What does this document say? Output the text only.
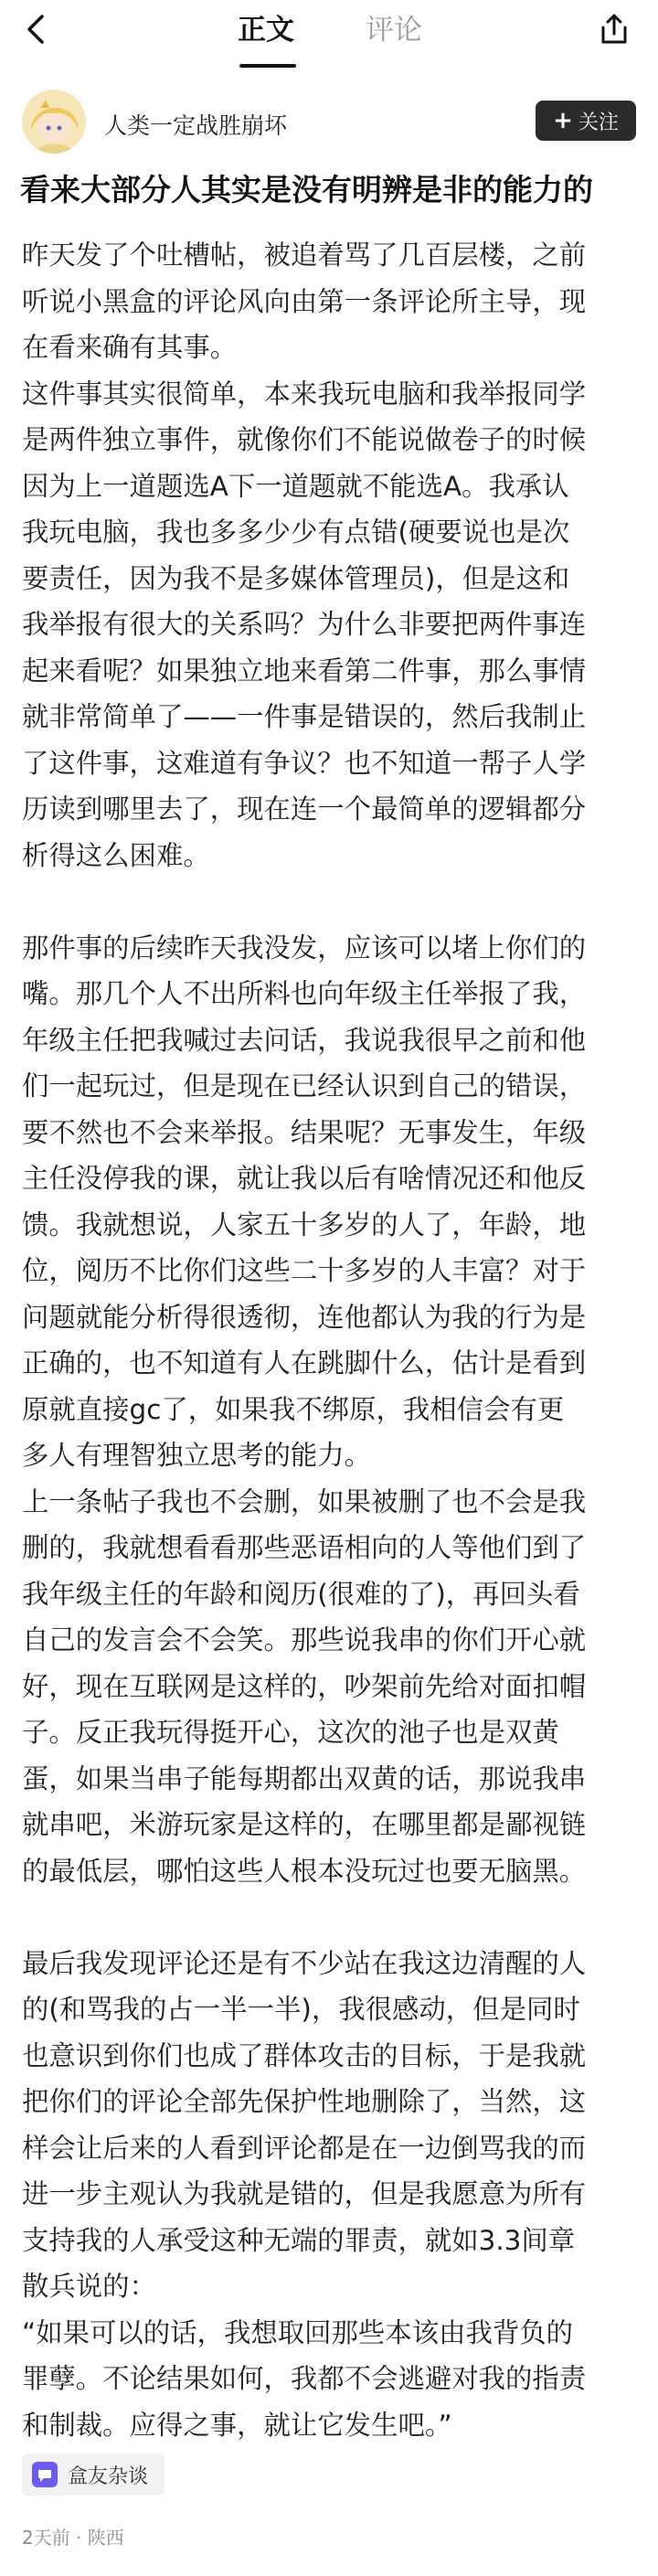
正文	评论
人类一定战胜崩坏	+ 关注
看来大部分人其实是没有明辨是非的能力的

昨天发了个吐槽帖，被追着骂了几百层楼，之前

听说小黑盒的评论风向由第一条评论所主导，现

在看来确有其事。

这件事其实很简单，本来我玩电脑和我举报同学

是两件独立事件，就像你们不能说做卷子的时候

因为上一道题选A下一道题就不能选A。我承认

我玩电脑，我也多多少少有点错(硬要说也是次

要责任，因为我不是多媒体管理员)，但是这和

我举报有很大的关系吗？为什么非要把两件事连

起来看呢？如果独立地来看第二件事，那么事情

就非常简单了——一件事是错误的，然后我制止

了这件事，这难道有争议？也不知道一帮子人学

历读到哪里去了，现在连一个最简单的逻辑都分

析得这么困难。

那件事的后续昨天我没发，应该可以堵上你们的

嘴。那几个人不出所料也向年级主任举报了我，

年级主任把我喊过去问话，我说我很早之前和他

们一起玩过，但是现在已经认识到自己的错误，

要不然也不会来举报。结果呢？无事发生，年级

主任没停我的课，就让我以后有啥情况还和他反

馈。我就想说，人家五十多岁的人了，年龄，地

位，阅历不比你们这些二十多岁的人丰富？对于

问题就能分析得很透彻，连他都认为我的行为是

正确的，也不知道有人在跳脚什么，估计是看到

原就直接gc了，如果我不绑原，我相信会有更

多人有理智独立思考的能力。

上一条帖子我也不会删，如果被删了也不会是我

删的，我就想看看那些恶语相向的人等他们到了

我年级主任的年龄和阅历(很难的了)，再回头看

自己的发言会不会笑。那些说我串的你们开心就

好，现在互联网是这样的，吵架前先给对面扣帽

子。反正我玩得挺开心，这次的池子也是双黄

蛋，如果当串子能每期都出双黄的话，那说我串

就串吧，米游玩家是这样的，在哪里都是鄙视链

的最低层，哪怕这些人根本没玩过也要无脑黑。

最后我发现评论还是有不少站在我这边清醒的人

的(和骂我的占一半一半)，我很感动，但是同时

也意识到你们也成了群体攻击的目标，于是我就

把你们的评论全部先保护性地删除了，当然，这

样会让后来的人看到评论都是在一边倒骂我的而

进一步主观认为我就是错的，但是我愿意为所有

支持我的人承受这种无端的罪责，就如3.3间章

散兵说的：

“如果可以的话，我想取回那些本该由我背负的

罪孽。不论结果如何，我都不会逃避对我的指责

和制裁。应得之事，就让它发生吧。”

盒友杂谈
2天前 · 陕西
